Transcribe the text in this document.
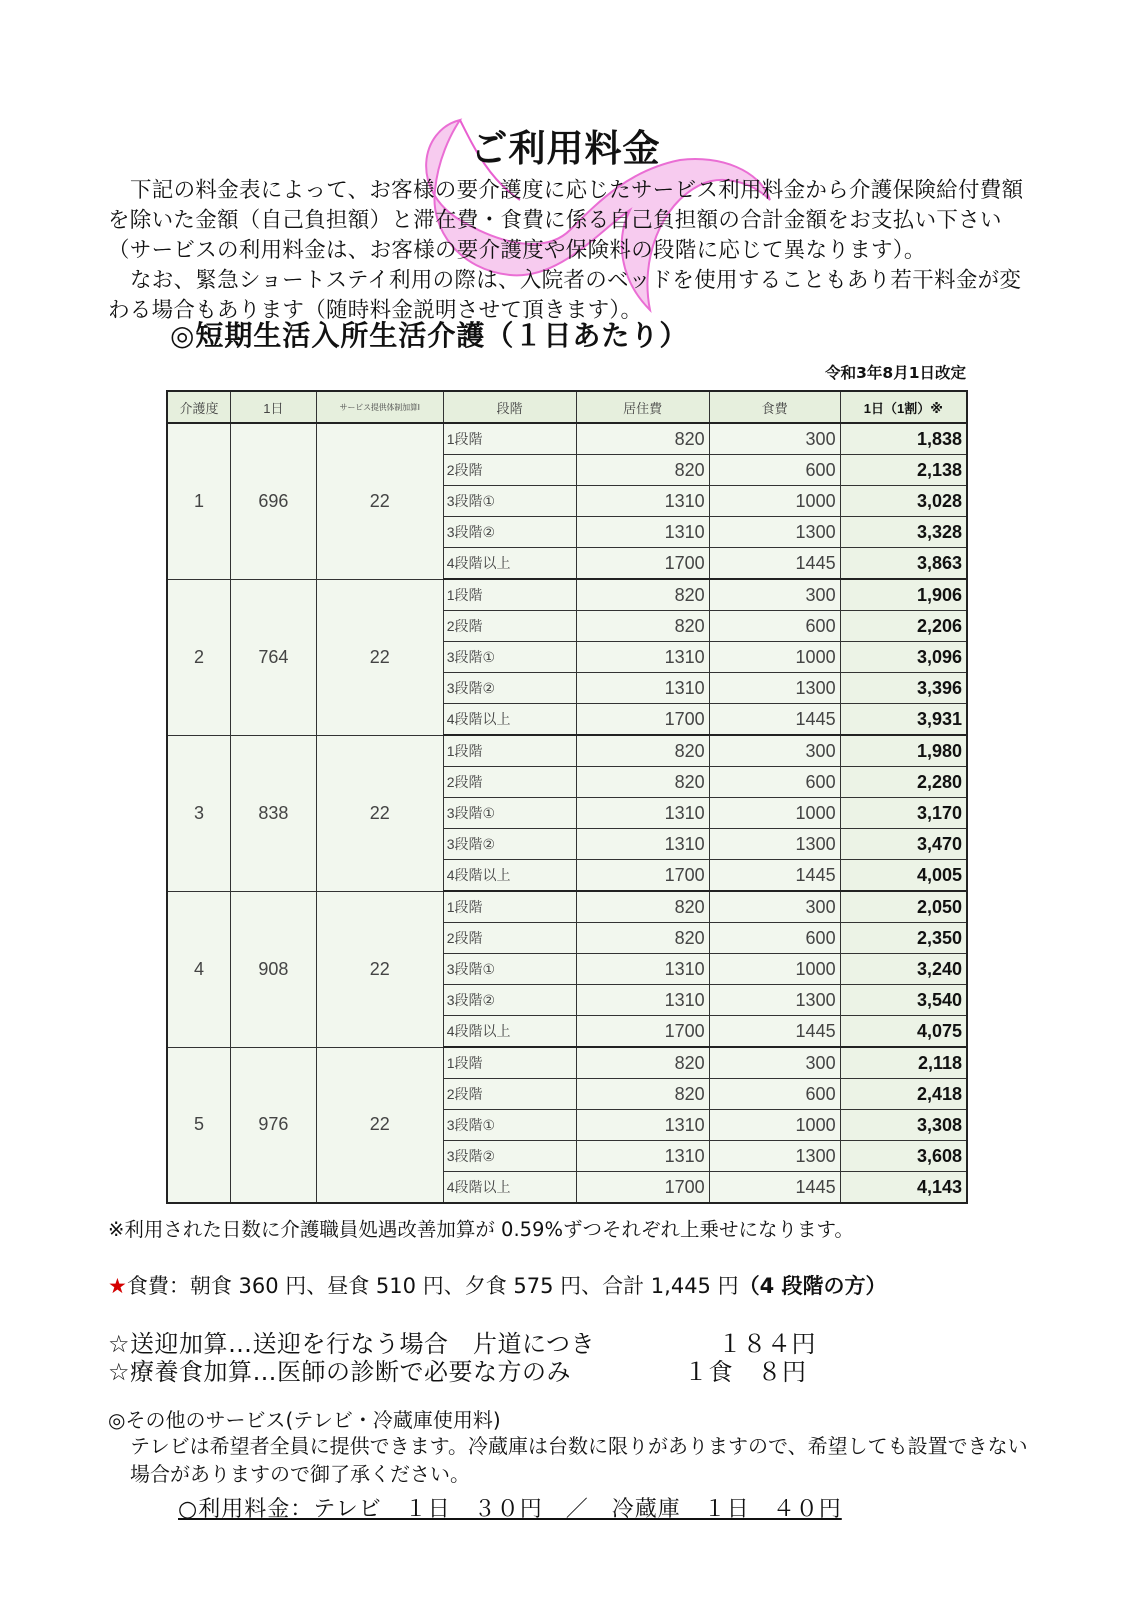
ご利用料金

下記の料金表によって、お客様の要介護度に応じたサービス利用料金から介護保険給付費額を除いた金額（自己負担額）と滞在費・食費に係る自己負担額の合計金額をお支払い下さい（サービスの利用料金は、お客様の要介護度や保険料の段階に応じて異なります）。

なお、緊急ショートステイ利用の際は、入院者のベッドを使用することもあり若干料金が変わる場合もあります（随時料金説明させて頂きます）。

◎短期生活入所生活介護（１日あたり）
令和3年8月1日改定
介護度	1日	サービス提供体制加算Ⅰ	段階	居住費	食費	1日（1割）※
1	696	22	1段階	820	300	1,838
			2段階	820	600	2,138
			3段階①	1310	1000	3,028
			3段階②	1310	1300	3,328
			4段階以上	1700	1445	3,863
2	764	22	1段階	820	300	1,906
			2段階	820	600	2,206
			3段階①	1310	1000	3,096
			3段階②	1310	1300	3,396
			4段階以上	1700	1445	3,931
3	838	22	1段階	820	300	1,980
			2段階	820	600	2,280
			3段階①	1310	1000	3,170
			3段階②	1310	1300	3,470
			4段階以上	1700	1445	4,005
4	908	22	1段階	820	300	2,050
			2段階	820	600	2,350
			3段階①	1310	1000	3,240
			3段階②	1310	1300	3,540
			4段階以上	1700	1445	4,075
5	976	22	1段階	820	300	2,118
			2段階	820	600	2,418
			3段階①	1310	1000	3,308
			3段階②	1310	1300	3,608
			4段階以上	1700	1445	4,143
※利用された日数に介護職員処遇改善加算が 0.59%ずつそれぞれ上乗せになります。
★食費：朝食 360 円、昼食 510 円、夕食 575 円、合計 1,445 円（4 段階の方）
☆送迎加算…送迎を行なう場合　片道につき	１８４円
☆療養食加算…医師の診断で必要な方のみ	１食　８円
◎その他のサービス(テレビ・冷蔵庫使用料)
テレビは希望者全員に提供できます。冷蔵庫は台数に限りがありますので、希望しても設置できない場合がありますので御了承ください。
○利用料金：テレビ　１日　３０円　／　冷蔵庫　１日　４０円
